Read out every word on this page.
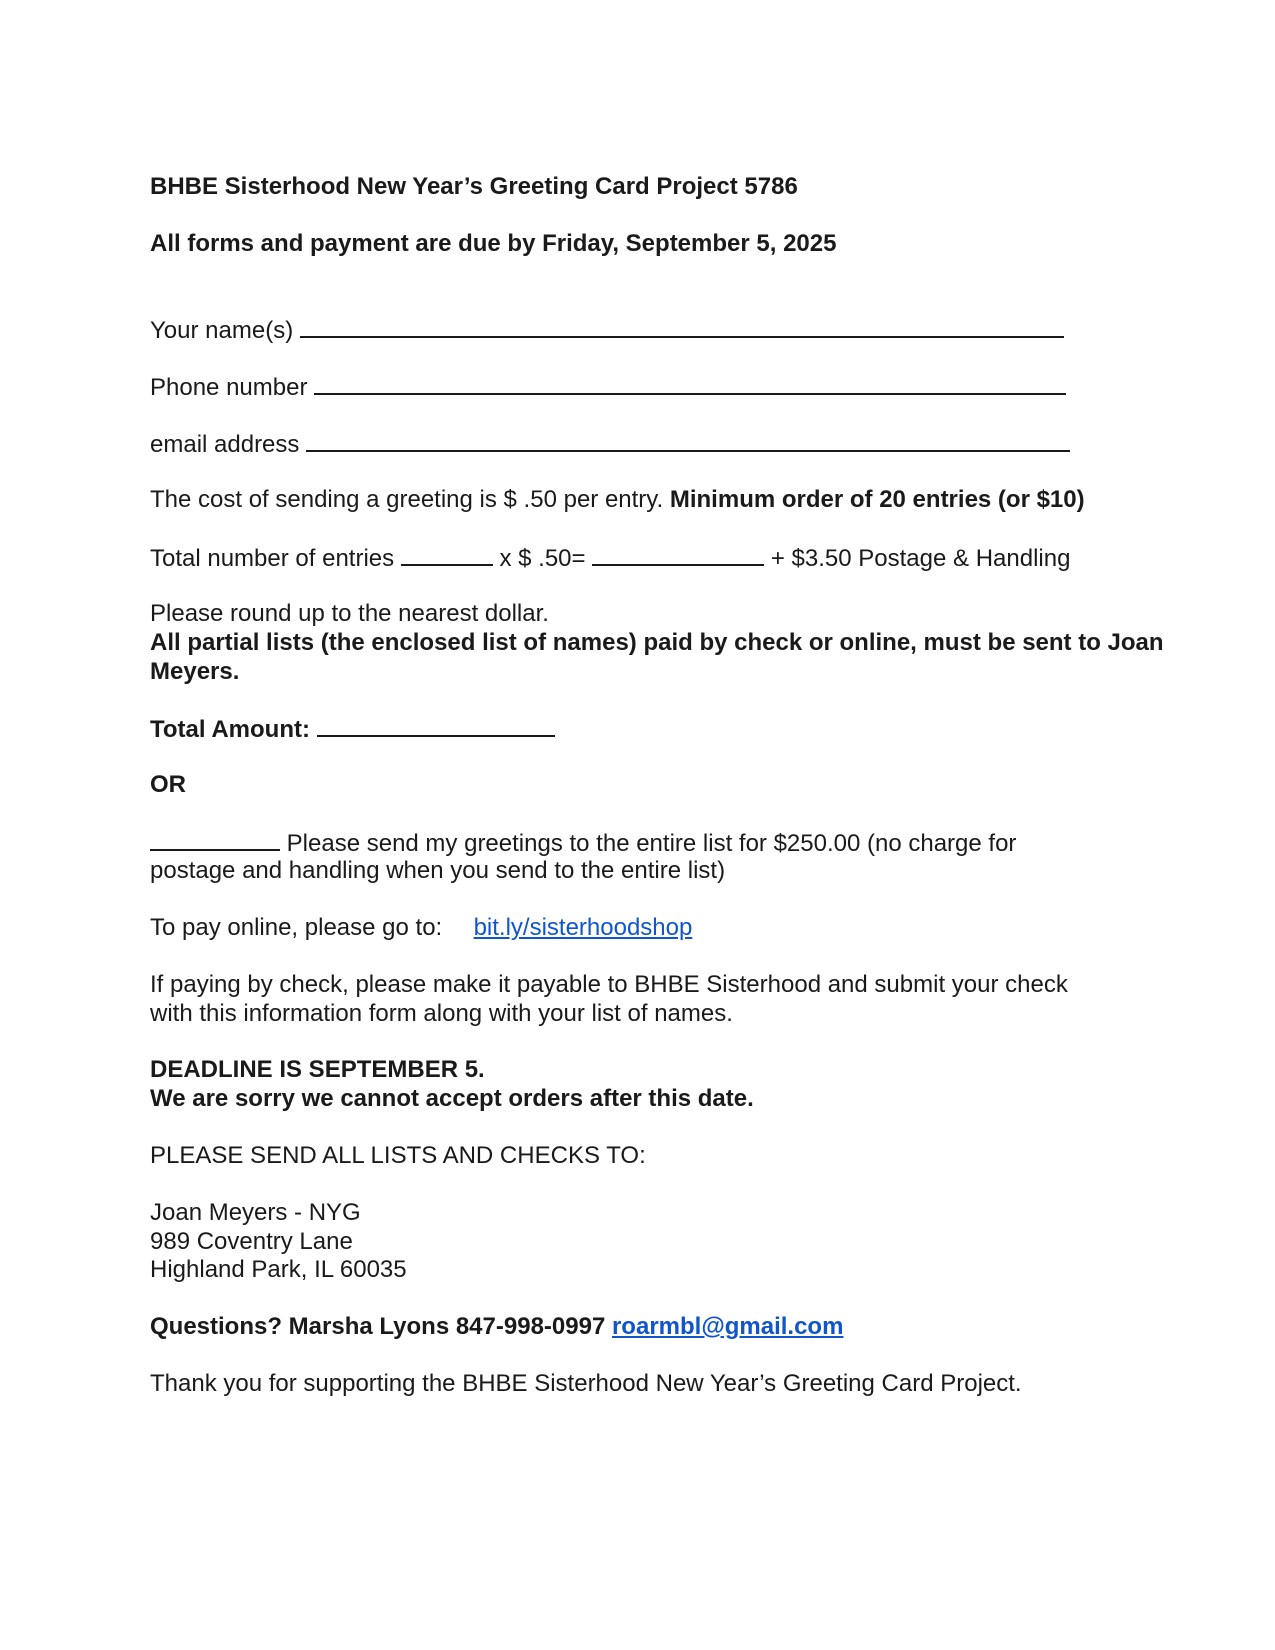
BHBE Sisterhood New Year’s Greeting Card Project 5786
All forms and payment are due by Friday, September 5, 2025
Your name(s)
Phone number
email address
The cost of sending a greeting is $ .50 per entry. Minimum order of 20 entries (or $10)
Total number of entries	x $ .50=	+ $3.50 Postage & Handling
Please round up to the nearest dollar.
All partial lists (the enclosed list of names) paid by check or online, must be sent to Joan
Meyers.
Total Amount:
OR
Please send my greetings to the entire list for $250.00 (no charge for
postage and handling when you send to the entire list)
To pay online, please go to: bit.ly/sisterhoodshop
If paying by check, please make it payable to BHBE Sisterhood and submit your check
with this information form along with your list of names.
DEADLINE IS SEPTEMBER 5.
We are sorry we cannot accept orders after this date.
PLEASE SEND ALL LISTS AND CHECKS TO:
Joan Meyers - NYG
989 Coventry Lane
Highland Park, IL 60035
Questions? Marsha Lyons 847-998-0997 roarmbl@gmail.com
Thank you for supporting the BHBE Sisterhood New Year’s Greeting Card Project.
